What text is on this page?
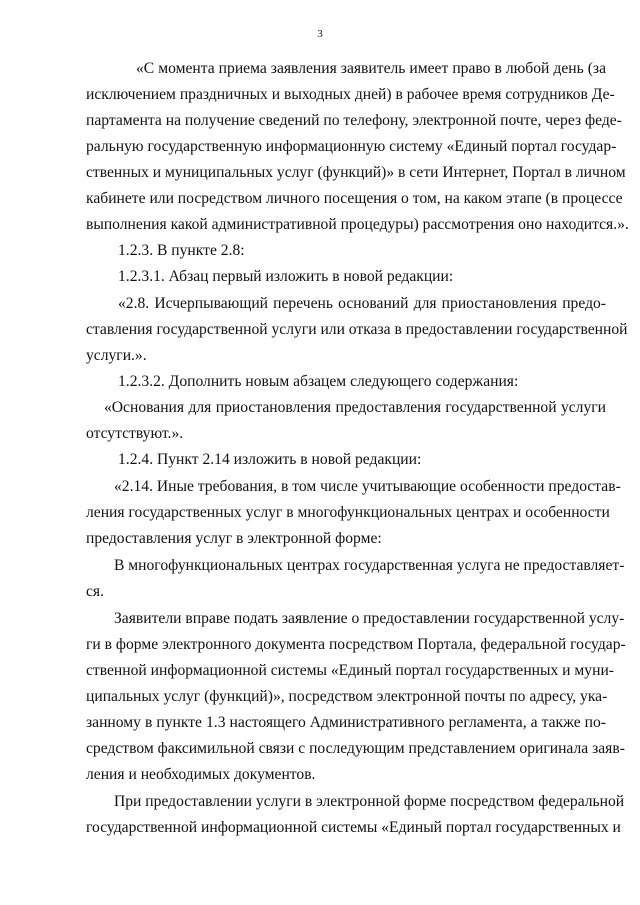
3
«С момента приема заявления заявитель имеет право в любой день (за
исключением праздничных и выходных дней) в рабочее время сотрудников Де-
партамента на получение сведений по телефону, электронной почте, через феде-
ральную государственную информационную систему «Единый портал государ-
ственных и муниципальных услуг (функций)» в сети Интернет, Портал в личном
кабинете или посредством личного посещения о том, на каком этапе (в процессе
выполнения какой административной процедуры) рассмотрения оно находится.».
1.2.3. В пункте 2.8:
1.2.3.1. Абзац первый изложить в новой редакции:
«2.8. Исчерпывающий перечень оснований для приостановления предо-
ставления государственной услуги или отказа в предоставлении государственной
услуги.».
1.2.3.2. Дополнить новым абзацем следующего содержания:
«Основания для приостановления предоставления государственной услуги
отсутствуют.».
1.2.4. Пункт 2.14 изложить в новой редакции:
«2.14. Иные требования, в том числе учитывающие особенности предостав-
ления государственных услуг в многофункциональных центрах и особенности
предоставления услуг в электронной форме:
В многофункциональных центрах государственная услуга не предоставляет-
ся.
Заявители вправе подать заявление о предоставлении государственной услу-
ги в форме электронного документа посредством Портала, федеральной государ-
ственной информационной системы «Единый портал государственных и муни-
ципальных услуг (функций)», посредством электронной почты по адресу, ука-
занному в пункте 1.3 настоящего Административного регламента, а также по-
средством факсимильной связи с последующим представлением оригинала заяв-
ления и необходимых документов.
При предоставлении услуги в электронной форме посредством федеральной
государственной информационной системы «Единый портал государственных и
